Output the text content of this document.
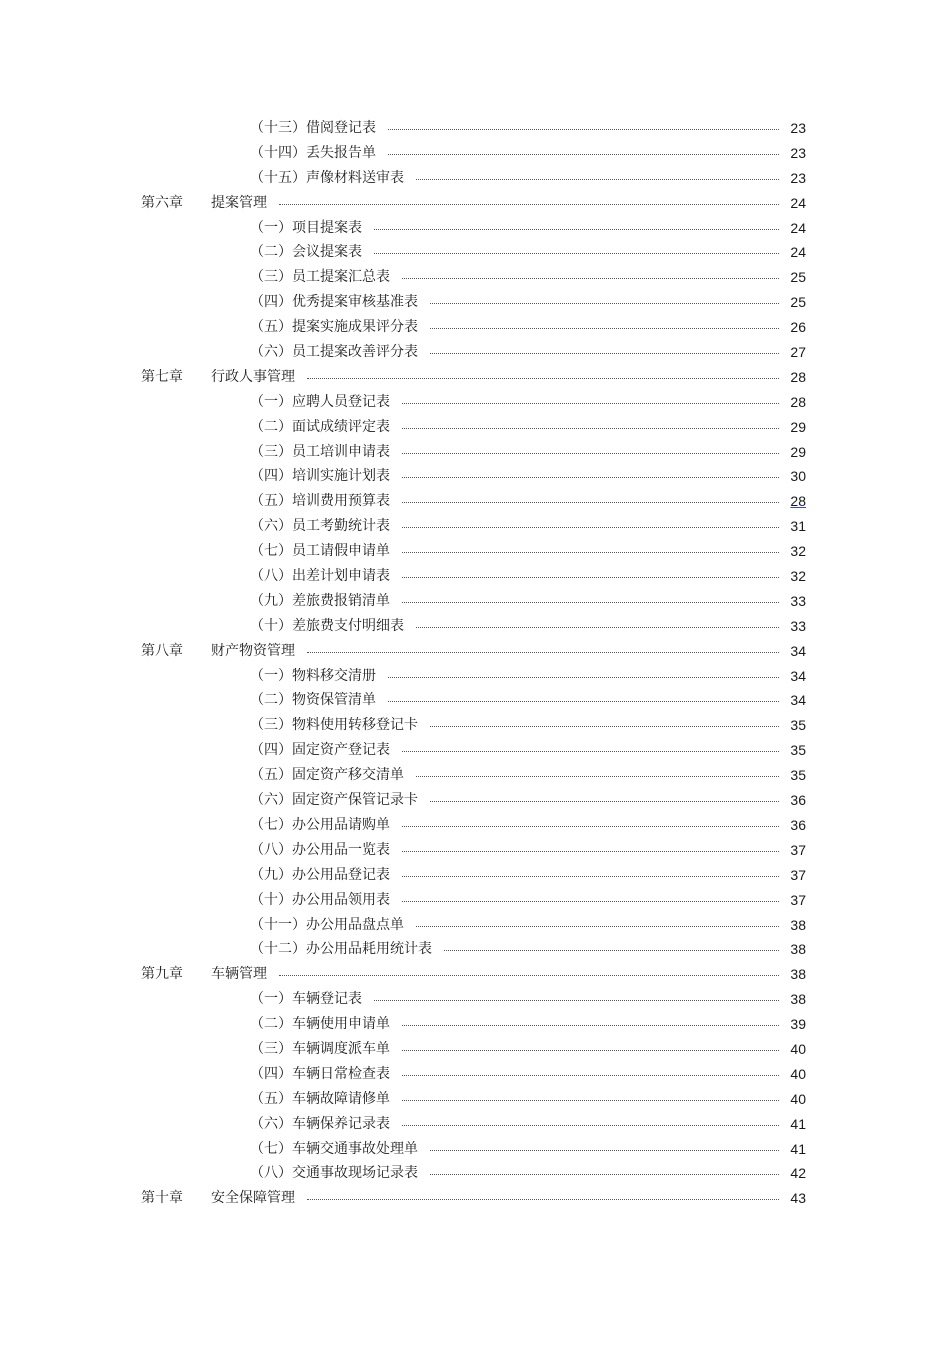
（十三）借阅登记表	23
（十四）丢失报告单	23
（十五）声像材料送审表	23
第六章 提案管理	24
（一）项目提案表	24
（二）会议提案表	24
（三）员工提案汇总表	25
（四）优秀提案审核基准表	25
（五）提案实施成果评分表	26
（六）员工提案改善评分表	27
第七章 行政人事管理	28
（一）应聘人员登记表	28
（二）面试成绩评定表	29
（三）员工培训申请表	29
（四）培训实施计划表	30
（五）培训费用预算表	28
（六）员工考勤统计表	31
（七）员工请假申请单	32
（八）出差计划申请表	32
（九）差旅费报销清单	33
（十）差旅费支付明细表	33
第八章 财产物资管理	34
（一）物料移交清册	34
（二）物资保管清单	34
（三）物料使用转移登记卡	35
（四）固定资产登记表	35
（五）固定资产移交清单	35
（六）固定资产保管记录卡	36
（七）办公用品请购单	36
（八）办公用品一览表	37
（九）办公用品登记表	37
（十）办公用品领用表	37
（十一）办公用品盘点单	38
（十二）办公用品耗用统计表	38
第九章 车辆管理	38
（一）车辆登记表	38
（二）车辆使用申请单	39
（三）车辆调度派车单	40
（四）车辆日常检查表	40
（五）车辆故障请修单	40
（六）车辆保养记录表	41
（七）车辆交通事故处理单	41
（八）交通事故现场记录表	42
第十章 安全保障管理	43
